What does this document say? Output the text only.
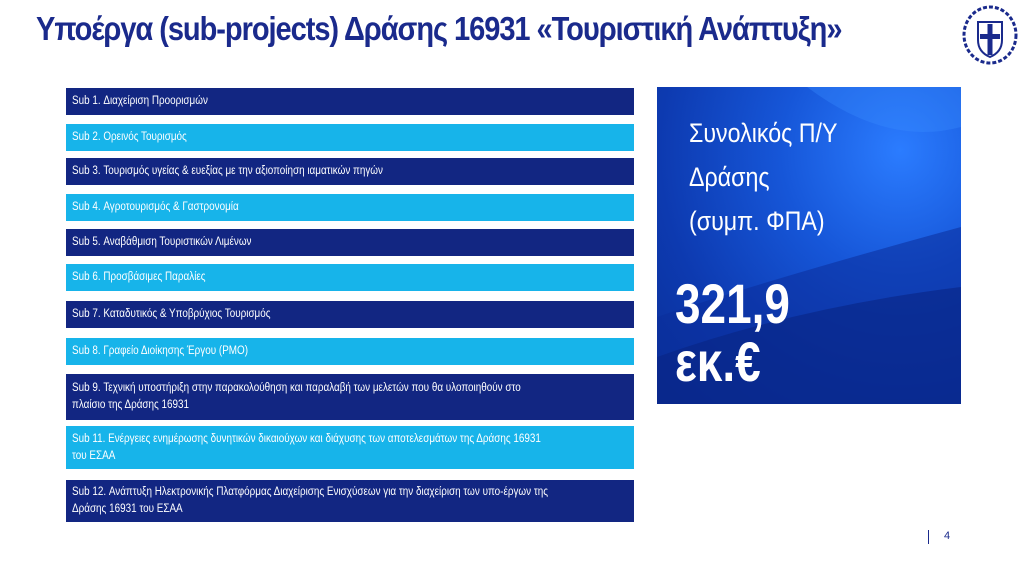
Υποέργα (sub-projects) Δράσης 16931 «Τουριστική Ανάπτυξη»
Sub 1. Διαχείριση Προορισμών
Sub 2. Ορεινός Τουρισμός
Sub 3. Τουρισμός υγείας & ευεξίας με την αξιοποίηση ιαματικών πηγών
Sub 4. Αγροτουρισμός & Γαστρονομία
Sub 5. Αναβάθμιση Τουριστικών Λιμένων
Sub 6. Προσβάσιμες Παραλίες
Sub 7. Καταδυτικός & Υποβρύχιος Τουρισμός
Sub 8. Γραφείο Διοίκησης Έργου (PMO)
Sub 9. Τεχνική υποστήριξη στην παρακολούθηση και παραλαβή των μελετών που θα υλοποιηθούν στο πλαίσιο της Δράσης 16931
Sub 11. Ενέργειες ενημέρωσης δυνητικών δικαιούχων και διάχυσης των αποτελεσμάτων της Δράσης 16931 του ΕΣΑΑ
Sub 12. Ανάπτυξη Ηλεκτρονικής Πλατφόρμας Διαχείρισης Ενισχύσεων για την διαχείριση των υπο-έργων της Δράσης 16931 του ΕΣΑΑ
Συνολικός Π/Υ
Δράσης
(συμπ. ΦΠΑ)
321,9
εκ.€
4
